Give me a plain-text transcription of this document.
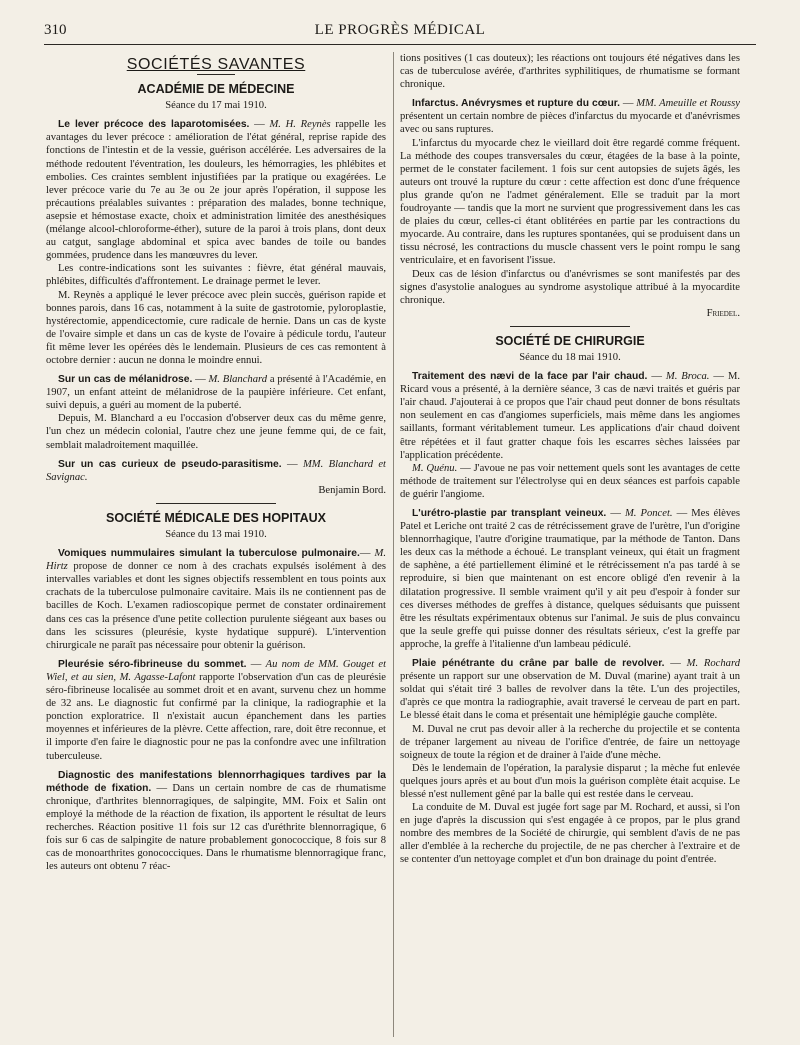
310	LE PROGRÈS MÉDICAL

SOCIÉTÉS SAVANTES

ACADÉMIE DE MÉDECINE

Séance du 17 mai 1910.

Le lever précoce des laparotomisées. — M. H. Reynès rappelle les avantages du lever précoce : amélioration de l'état général, reprise rapide des fonctions de l'intestin et de la vessie, guérison accélérée. Les adversaires de la méthode redoutent l'éventration, les douleurs, les hémorragies, les phlébites et embolies. Ces craintes semblent injustifiées par la pratique ou exagérées. Le lever précoce varie du 7e au 3e ou 2e jour après l'opération, il suppose les précautions préalables suivantes : préparation des malades, bonne technique, asepsie et hémostase exacte, choix et administration limitée des anesthésiques (mélange alcool-chloroforme-éther), suture de la paroi à trois plans, dont deux au catgut, sanglage abdominal et spica avec bandes de toile ou bandes gommées, prudence dans les manœuvres du lever.

Les contre-indications sont les suivantes : fièvre, état général mauvais, phlébites, difficultés d'affrontement. Le drainage permet le lever.

M. Reynès a appliqué le lever précoce avec plein succès, guérison rapide et bonnes parois, dans 16 cas, notamment à la suite de gastrotomie, pyloroplastie, hystérectomie, appendicectomie, cure radicale de hernie. Dans un cas de kyste de l'ovaire simple et dans un cas de kyste de l'ovaire à pédicule tordu, l'auteur fit même lever les opérées dès le lendemain. Plusieurs de ces cas remontent à octobre dernier : aucun ne donna le moindre ennui.

Sur un cas de mélanidrose. — M. Blanchard a présenté à l'Académie, en 1907, un enfant atteint de mélanidrose de la paupière inférieure. Cet enfant, suivi depuis, a guéri au moment de la puberté.

Depuis, M. Blanchard a eu l'occasion d'observer deux cas du même genre, l'un chez un médecin colonial, l'autre chez une jeune femme qui, de ce fait, semblait maladroitement maquillée.

Sur un cas curieux de pseudo-parasitisme. — MM. Blanchard et Savignac.

Benjamin Bord.

SOCIÉTÉ MÉDICALE DES HOPITAUX

Séance du 13 mai 1910.

Vomiques nummulaires simulant la tuberculose pulmonaire.— M. Hirtz propose de donner ce nom à des crachats expulsés isolément à des intervalles variables et dont les signes objectifs ressemblent en tous points aux crachats de la tuberculose pulmonaire cavitaire. Mais ils ne contiennent pas de bacilles de Koch. L'examen radioscopique permet de constater ordinairement dans ces cas la présence d'une petite collection purulente siégeant aux bases ou dans les scissures (pleurésie, kyste hydatique suppuré). L'intervention chirurgicale ne paraît pas nécessaire pour obtenir la guérison.

Pleurésie séro-fibrineuse du sommet. — Au nom de MM. Gouget et Wiel, et au sien, M. Agasse-Lafont rapporte l'observation d'un cas de pleurésie séro-fibrineuse localisée au sommet droit et en avant, survenu chez un homme de 32 ans. Le diagnostic fut confirmé par la clinique, la radiographie et la ponction exploratrice. Il n'existait aucun épanchement dans les parties moyennes et inférieures de la plèvre. Cette affection, rare, doit être reconnue, et il importe d'en faire le diagnostic pour ne pas la confondre avec une infiltration tuberculeuse.

Diagnostic des manifestations blennorrhagiques tardives par la méthode de fixation. — Dans un certain nombre de cas de rhumatisme chronique, d'arthrites blennorragiques, de salpingite, MM. Foix et Salin ont employé la méthode de la réaction de fixation, ils apportent le résultat de leurs recherches. Réaction positive 11 fois sur 12 cas d'uréthrite blennorragique, 6 fois sur 6 cas de salpingite de nature probablement gonococcique, 8 fois sur 8 cas de monoarthrites gonococciques. Dans le rhumatisme blennorragique franc, les auteurs ont obtenu 7 réac-

tions positives (1 cas douteux); les réactions ont toujours été négatives dans les cas de tuberculose avérée, d'arthrites syphilitiques, de rhumatisme se formant chronique.

Infarctus. Anévrysmes et rupture du cœur. — MM. Ameuille et Roussy présentent un certain nombre de pièces d'infarctus du myocarde et d'anévrismes avec ou sans ruptures.

L'infarctus du myocarde chez le vieillard doit être regardé comme fréquent. La méthode des coupes transversales du cœur, étagées de la base à la pointe, permet de le constater facilement. 1 fois sur cent autopsies de sujets âgés, les auteurs ont trouvé la rupture du cœur : cette affection est donc d'une fréquence plus grande qu'on ne l'admet généralement. Elle se traduit par la mort foudroyante — tandis que la mort ne survient que progressivement dans les cas de plaies du cœur, celles-ci étant oblitérées en partie par les contractions du myocarde. Au contraire, dans les ruptures spontanées, qui se produisent dans un tissu nécrosé, les contractions du muscle chassent vers le point rompu le sang ventriculaire, et en favorisent l'issue.

Deux cas de lésion d'infarctus ou d'anévrismes se sont manifestés par des signes d'asystolie analogues au syndrome asystolique attribué à la myocardite chronique.

Friedel.

SOCIÉTÉ DE CHIRURGIE

Séance du 18 mai 1910.

Traitement des nævi de la face par l'air chaud. — M. Broca. — M. Ricard vous a présenté, à la dernière séance, 3 cas de nævi traités et guéris par l'air chaud. J'ajouterai à ce propos que l'air chaud peut donner de bons résultats non seulement en cas d'angiomes superficiels, mais même dans les angiomes saillants, formant véritablement tumeur. Les applications d'air chaud doivent être répétées et il faut gratter chaque fois les escarres sèches laissées par l'application précédente.

M. Quénu. — J'avoue ne pas voir nettement quels sont les avantages de cette méthode de traitement sur l'électrolyse qui en deux séances est parfois capable de guérir l'angiome.

L'urétro-plastie par transplant veineux. — M. Poncet. — Mes élèves Patel et Leriche ont traité 2 cas de rétrécissement grave de l'urètre, l'un d'origine blennorrhagique, l'autre d'origine traumatique, par la méthode de Tanton. Dans les deux cas la méthode a échoué. Le transplant veineux, qui était un fragment de saphène, a été partiellement éliminé et le rétrécissement n'a pas tardé à se reproduire, si bien que maintenant on est encore obligé d'en revenir à la dilatation progressive. Il semble vraiment qu'il y ait peu d'espoir à fonder sur ces diverses méthodes de greffes à distance, quelques séduisants que puissent être les résultats expérimentaux obtenus sur l'animal. Je suis de plus convaincu que la seule greffe qui puisse donner des résultats sérieux, c'est la greffe par approche, la greffe à l'italienne d'un lambeau pédiculé.

Plaie pénétrante du crâne par balle de revolver. — M. Rochard présente un rapport sur une observation de M. Duval (marine) ayant trait à un soldat qui s'était tiré 3 balles de revolver dans la tête. L'un des projectiles, d'après ce que montra la radiographie, avait traversé le cerveau de part en part. Le blessé était dans le coma et présentait une hémiplégie gauche complète.

M. Duval ne crut pas devoir aller à la recherche du projectile et se contenta de trépaner largement au niveau de l'orifice d'entrée, de faire un nettoyage soigneux de toute la région et de drainer à l'aide d'une mèche.

Dès le lendemain de l'opération, la paralysie disparut ; la mèche fut enlevée quelques jours après et au bout d'un mois la guérison complète était acquise. Le blessé n'est nullement gêné par la balle qui est restée dans le cerveau.

La conduite de M. Duval est jugée fort sage par M. Rochard, et aussi, si l'on en juge d'après la discussion qui s'est engagée à ce propos, par le plus grand nombre des membres de la Société de chirurgie, qui semblent d'avis de ne pas aller d'emblée à la recherche du projectile, de ne pas chercher à l'extraire et de se contenter d'un nettoyage complet et d'un bon drainage du point d'entrée.
